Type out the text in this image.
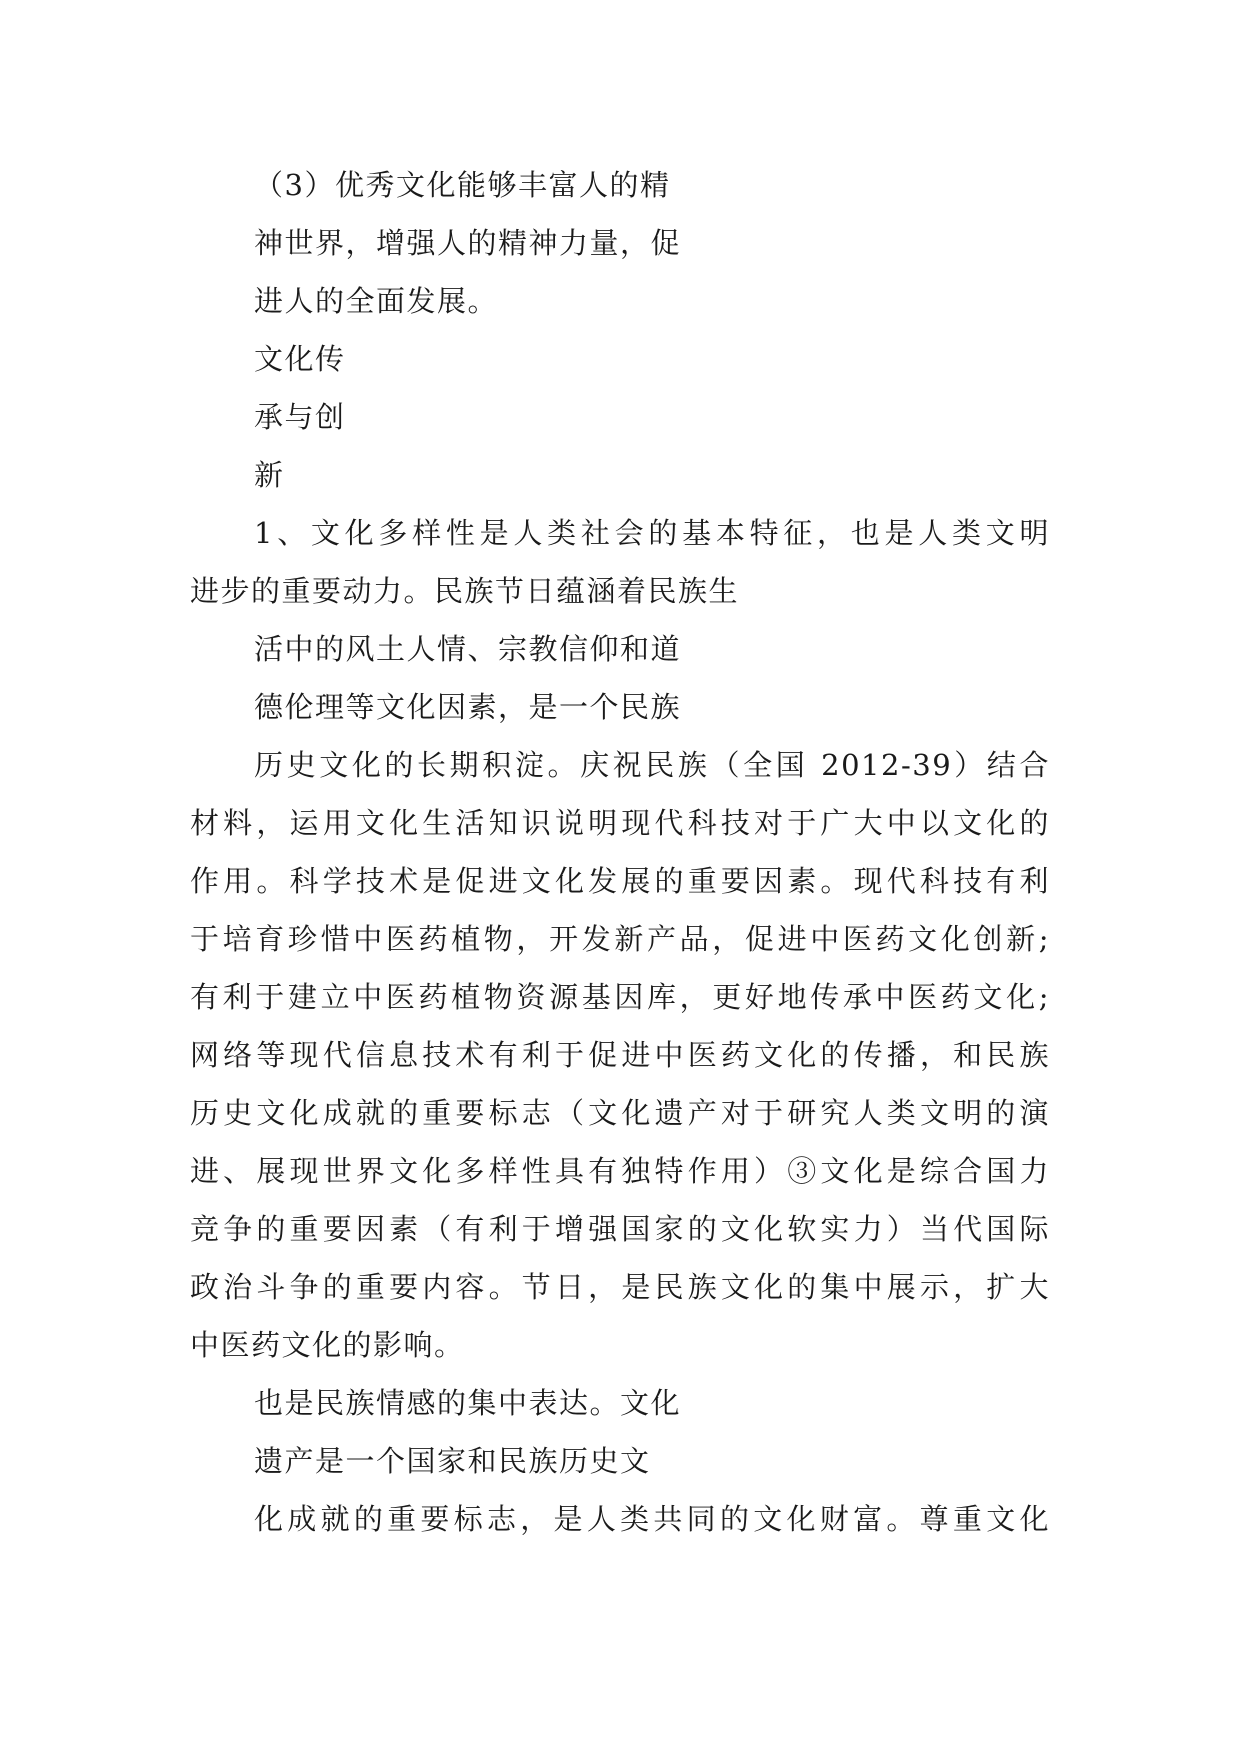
（3）优秀文化能够丰富人的精
神世界，增强人的精神力量，促
进人的全面发展。
文化传
承与创
新
1、文化多样性是人类社会的基本特征，也是人类文明
进步的重要动力。民族节日蕴涵着民族生
活中的风土人情、宗教信仰和道
德伦理等文化因素，是一个民族
历史文化的长期积淀。庆祝民族（全国 2012-39）结合
材料，运用文化生活知识说明现代科技对于广大中以文化的
作用。科学技术是促进文化发展的重要因素。现代科技有利
于培育珍惜中医药植物，开发新产品，促进中医药文化创新;
有利于建立中医药植物资源基因库，更好地传承中医药文化;
网络等现代信息技术有利于促进中医药文化的传播，和民族
历史文化成就的重要标志（文化遗产对于研究人类文明的演
进、展现世界文化多样性具有独特作用）③文化是综合国力
竞争的重要因素（有利于增强国家的文化软实力）当代国际
政治斗争的重要内容。节日，是民族文化的集中展示，扩大
中医药文化的影响。
也是民族情感的集中表达。文化
遗产是一个国家和民族历史文
化成就的重要标志，是人类共同的文化财富。尊重文化
